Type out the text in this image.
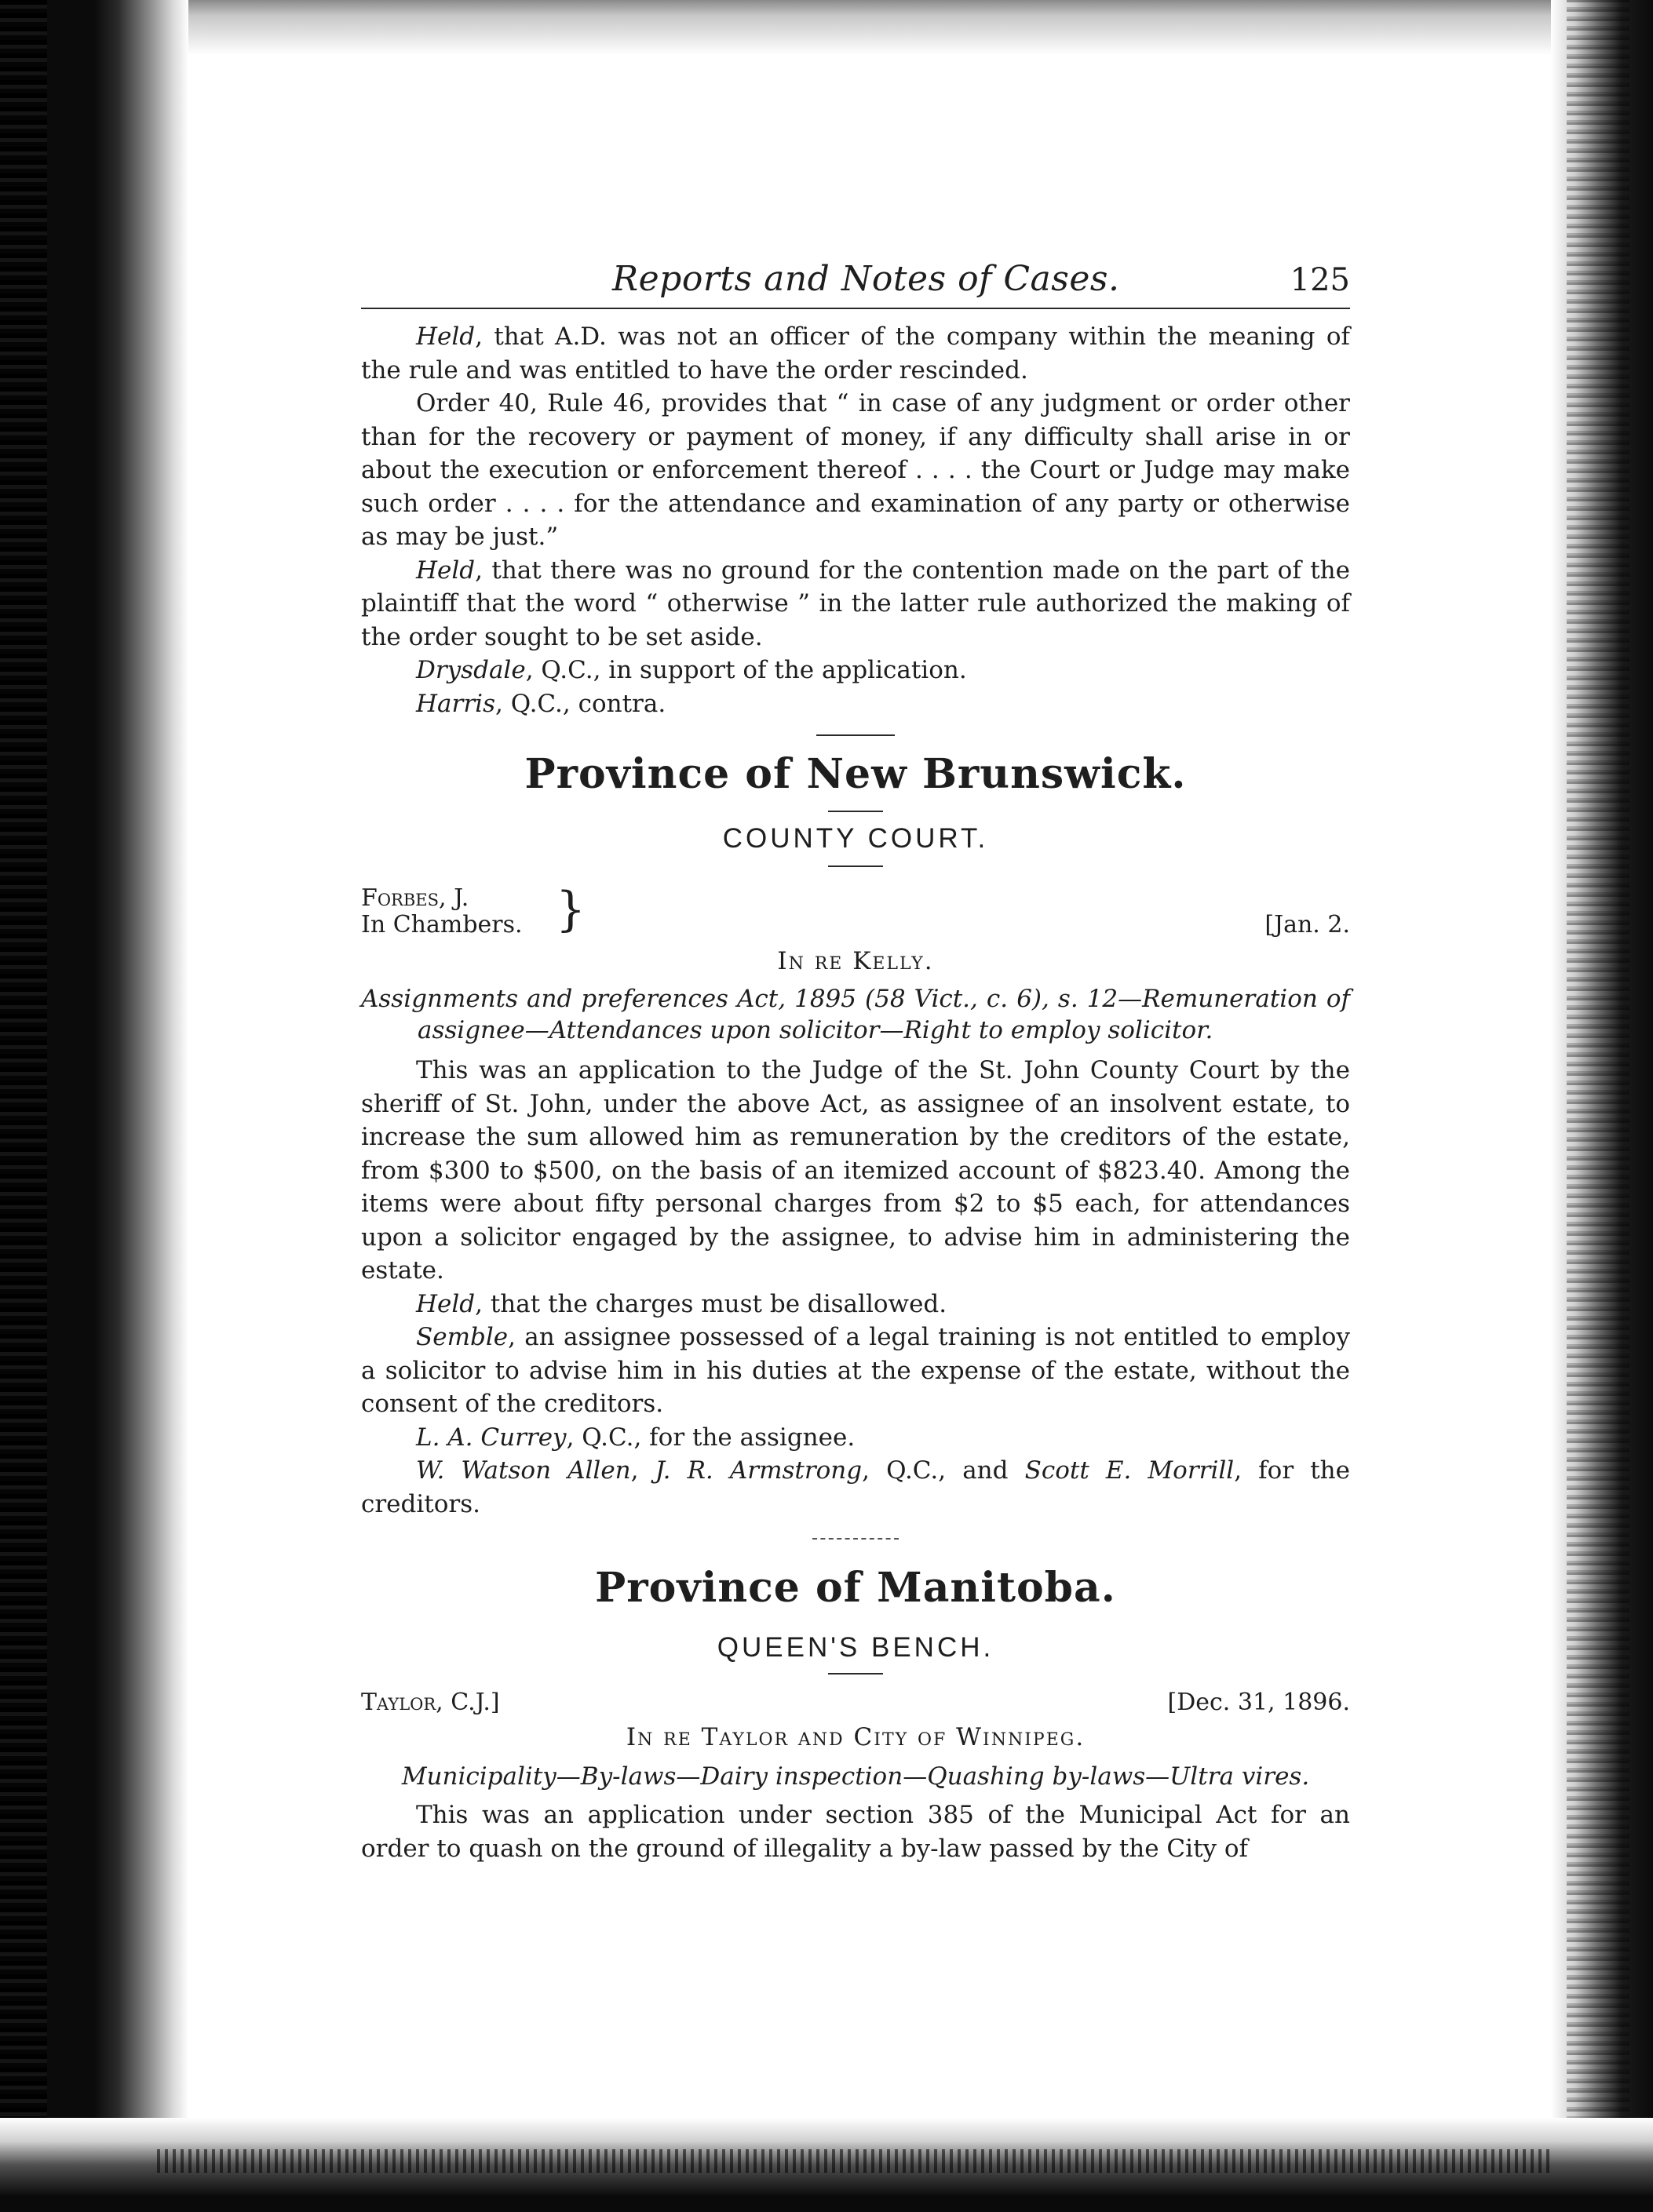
Reports and Notes of Cases.	125

Held, that A.D. was not an officer of the company within the meaning of the rule and was entitled to have the order rescinded.

Order 40, Rule 46, provides that “ in case of any judgment or order other than for the recovery or payment of money, if any difficulty shall arise in or about the execution or enforcement thereof . . . . the Court or Judge may make such order . . . . for the attendance and examination of any party or otherwise as may be just.”

Held, that there was no ground for the contention made on the part of the plaintiff that the word “ otherwise ” in the latter rule authorized the making of the order sought to be set aside.

Drysdale, Q.C., in support of the application.

Harris, Q.C., contra.

Province of New Brunswick.

COUNTY COURT.

Forbes, J.
In Chambers. }	[Jan. 2.

In re Kelly.

Assignments and preferences Act, 1895 (58 Vict., c. 6), s. 12—Remuneration of assignee—Attendances upon solicitor—Right to employ solicitor.

This was an application to the Judge of the St. John County Court by the sheriff of St. John, under the above Act, as assignee of an insolvent estate, to increase the sum allowed him as remuneration by the creditors of the estate, from $300 to $500, on the basis of an itemized account of $823.40. Among the items were about fifty personal charges from $2 to $5 each, for attendances upon a solicitor engaged by the assignee, to advise him in administering the estate.

Held, that the charges must be disallowed.

Semble, an assignee possessed of a legal training is not entitled to employ a solicitor to advise him in his duties at the expense of the estate, without the consent of the creditors.

L. A. Currey, Q.C., for the assignee.

W. Watson Allen, J. R. Armstrong, Q.C., and Scott E. Morrill, for the creditors.

Province of Manitoba.

QUEEN'S BENCH.

Taylor, C.J.]	[Dec. 31, 1896.

In re Taylor and City of Winnipeg.

Municipality—By-laws—Dairy inspection—Quashing by-laws—Ultra vires.

This was an application under section 385 of the Municipal Act for an order to quash on the ground of illegality a by-law passed by the City of
